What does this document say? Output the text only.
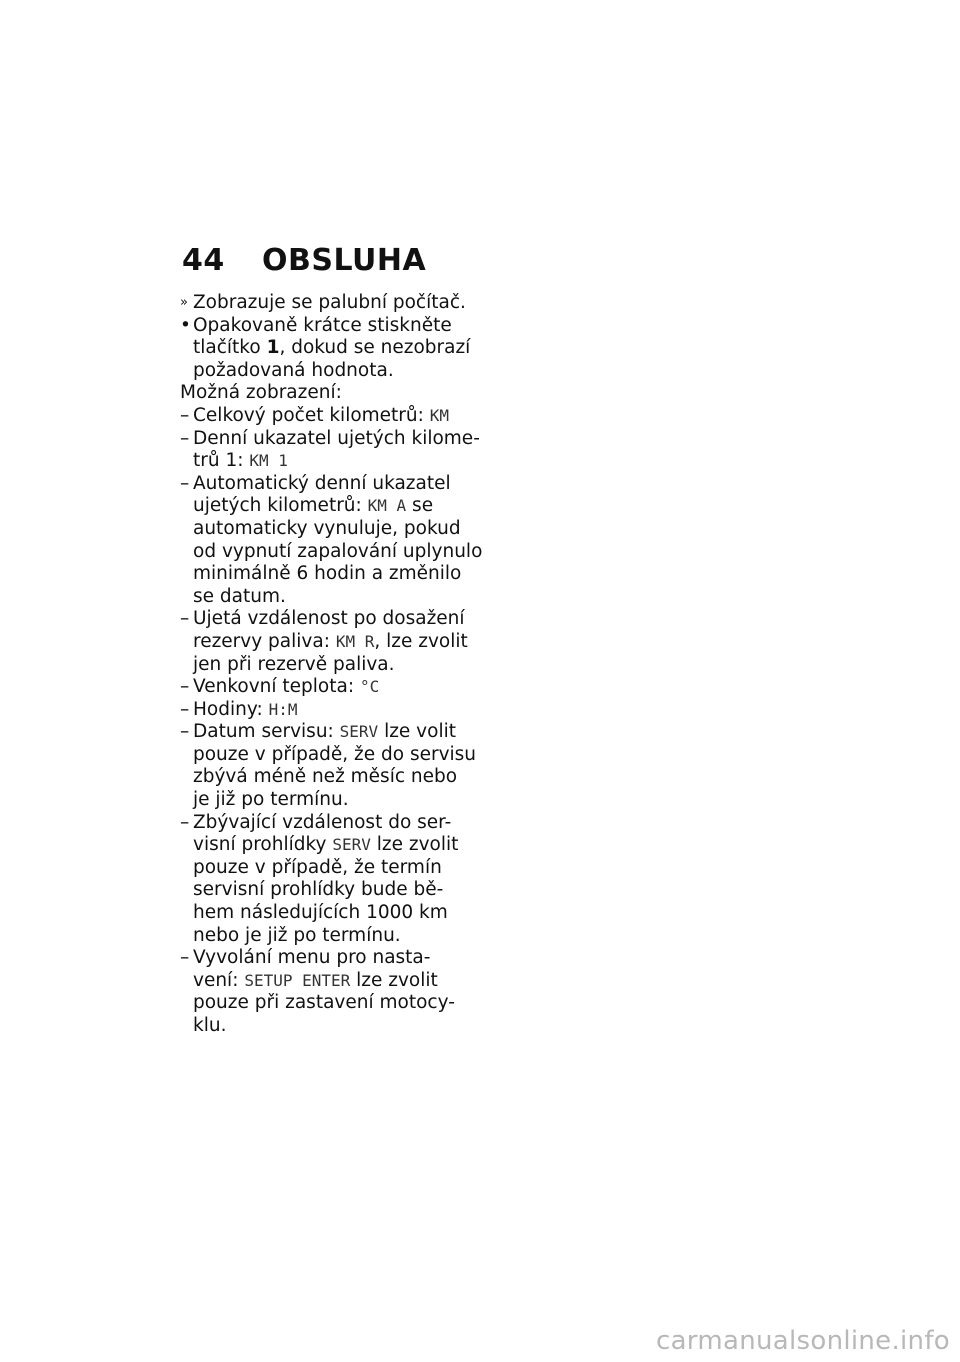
44 OBSLUHA

» Zobrazuje se palubní počítač.

• Opakovaně krátce stiskněte

tlačítko 1, dokud se nezobrazí

požadovaná hodnota.

Možná zobrazení:

– Celkový počet kilometrů: KM

– Denní ukazatel ujetých kilome-

trů 1: KM 1

– Automatický denní ukazatel

ujetých kilometrů: KM A se

automaticky vynuluje, pokud

od vypnutí zapalování uplynulo

minimálně 6 hodin a změnilo

se datum.

– Ujetá vzdálenost po dosažení

rezervy paliva: KM R, lze zvolit

jen při rezervě paliva.

– Venkovní teplota: °C

– Hodiny: H:M

– Datum servisu: SERV lze volit

pouze v případě, že do servisu

zbývá méně než měsíc nebo

je již po termínu.

– Zbývající vzdálenost do ser-

visní prohlídky SERV lze zvolit

pouze v případě, že termín

servisní prohlídky bude bě-

hem následujících 1000 km

nebo je již po termínu.

– Vyvolání menu pro nasta-

vení: SETUP ENTER lze zvolit

pouze při zastavení motocy-

klu.

carmanualsonline.info
